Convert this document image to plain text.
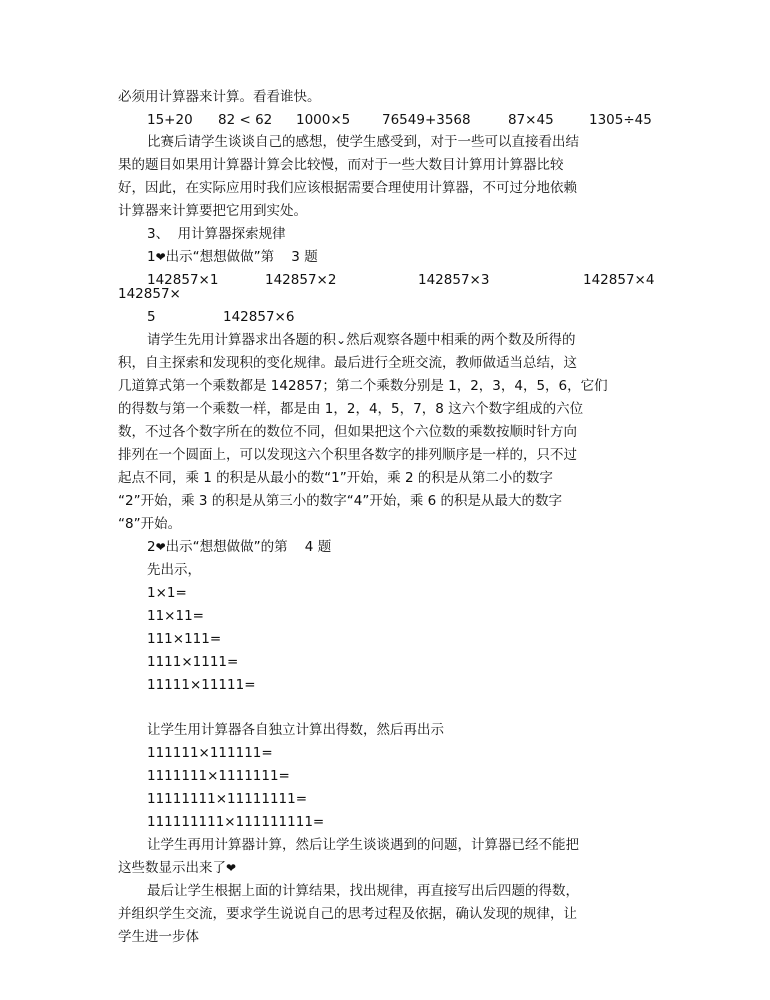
必须用计算器来计算。看看谁快。

15+20

82 < 62

1000×5

76549+3568

	87×45

	1305÷45

比赛后请学生谈谈自己的感想，使学生感受到，对于一些可以直接看出结
果的题目如果用计算器计算会比较慢，而对于一些大数目计算用计算器比较
好，因此，在实际应用时我们应该根据需要合理使用计算器，不可过分地依赖
计算器来计算要把它用到实处。
3、  用计算器探索规律
1❤出示“想想做做”第    3 题

142857×1

	142857×2

	142857×3

	142857×4

142857×

5

	142857×6

请学生先用计算器求出各题的积⌄然后观察各题中相乘的两个数及所得的
积，自主探索和发现积的变化规律。最后进行全班交流，教师做适当总结，这
几道算式第一个乘数都是 142857；第二个乘数分别是 1，2，3，4，5，6，它们
的得数与第一个乘数一样，都是由 1，2，4，5，7，8 这六个数字组成的六位
数，不过各个数字所在的数位不同，但如果把这个六位数的乘数按顺时针方向
排列在一个圆面上，可以发现这六个积里各数字的排列顺序是一样的，只不过
起点不同，乘 1 的积是从最小的数“1”开始，乘 2 的积是从第二小的数字
“2”开始，乘 3 的积是从第三小的数字“4”开始，乘 6 的积是从最大的数字
“8”开始。
2❤出示“想想做做”的第    4 题
先出示，
1×1=
11×11=
111×111=
1111×1111=
11111×11111=
让学生用计算器各自独立计算出得数，然后再出示
111111×111111=
1111111×1111111=
11111111×11111111=
111111111×111111111=
让学生再用计算器计算，然后让学生谈谈遇到的问题，计算器已经不能把
这些数显示出来了❤
最后让学生根据上面的计算结果，找出规律，再直接写出后四题的得数，
并组织学生交流，要求学生说说自己的思考过程及依据，确认发现的规律，让
学生进一步体
